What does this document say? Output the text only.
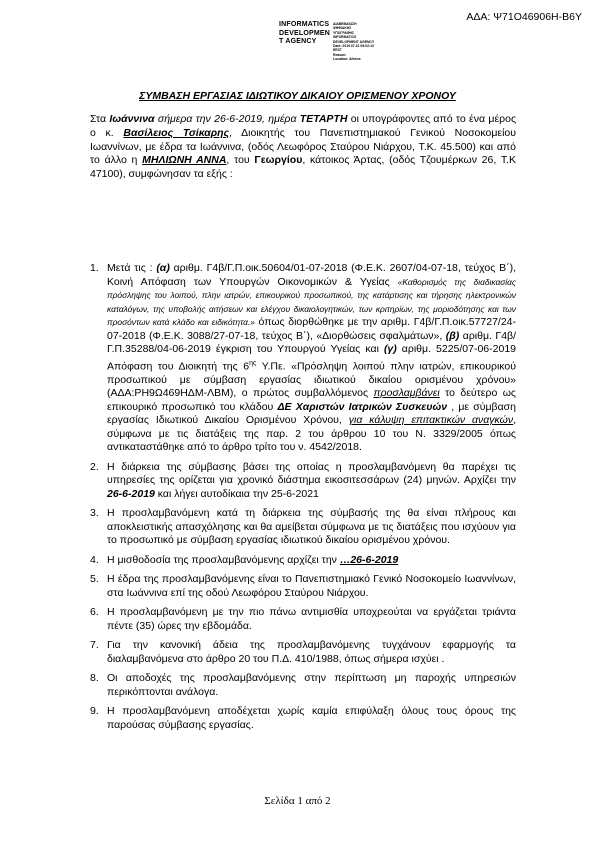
ΑΔΑ: Ψ71Ο46906Η-Β6Υ
INFORMATICS
DEVELOPMEN
T AGENCY
ΔΙΑΒΕΒΑΙΩΣΗ
ΨΗΦΙΑΚΗΣ
ΥΠΟΓΡΑΦΗΣ
INFORMATICS
DEVELOPMENT AGENCY
Date: 2019.07.22 09:02:13
EEST
Reason:
Location: Athens
ΣΥΜΒΑΣΗ ΕΡΓΑΣΙΑΣ ΙΔΙΩΤΙΚΟΥ ΔΙΚΑΙΟΥ ΟΡΙΣΜΕΝΟΥ ΧΡΟΝΟΥ
Στα Ιωάννινα σήμερα την 26-6-2019, ημέρα ΤΕΤΑΡΤΗ οι υπογράφοντες από το ένα μέρος ο κ. Βασίλειος Τσίκαρης, Διοικητής του Πανεπιστημιακού Γενικού Νοσοκομείου Ιωαννίνων, με έδρα τα Ιωάννινα, (οδός Λεωφόρος Σταύρου Νιάρχου, Τ.Κ. 45.500) και από το άλλο η ΜΗΛΙΩΝΗ ΑΝΝΑ, του Γεωργίου, κάτοικος Άρτας, (οδός Τζουμέρκων 26, Τ.Κ 47100), συμφώνησαν τα εξής :
1. Μετά τις : (α) αριθμ. Γ4β/Γ.Π.οικ.50604/01-07-2018 (Φ.Ε.Κ. 2607/04-07-18, τεύχος Β΄), Κοινή Απόφαση των Υπουργών Οικονομικών & Υγείας «Καθορισμός της διαδικασίας πρόσληψης του λοιπού, πλην ιατρών, επικουρικού προσωπικού, της κατάρτισης και τήρησης ηλεκτρονικών καταλόγων, της υποβολής αιτήσεων και ελέγχου δικαιολογητικών, των κριτηρίων, της μοριοδότησης και των προσόντων κατά κλάδο και ειδικότητα.» όπως διορθώθηκε με την αριθμ. Γ4β/Γ.Π.οικ.57727/24-07-2018 (Φ.Ε.Κ. 3088/27-07-18, τεύχος Β΄), «Διορθώσεις σφαλμάτων», (β) αριθμ. Γ4β/Γ.Π.35288/04-06-2019 έγκριση του Υπουργού Υγείας και (γ) αριθμ. 5225/07-06-2019 Απόφαση του Διοικητή της $6^{\eta\varsigma}$ Υ.Πε. «Πρόσληψη λοιπού πλην ιατρών, επικουρικού προσωπικού με σύμβαση εργασίας ιδιωτικού δικαίου ορισμένου χρόνου» (ΑΔΑ:ΡΗ9Ω469ΗΔΜ-ΛΒΜ), ο πρώτος συμβαλλόμενος προσλαμβάνει το δεύτερο ως επικουρικό προσωπικό του κλάδου ΔΕ Χαριστών Ιατρικών Συσκευών , με σύμβαση εργασίας Ιδιωτικού Δικαίου Ορισμένου Χρόνου, για κάλυψη επιτακτικών αναγκών, σύμφωνα με τις διατάξεις της παρ. 2 του άρθρου 10 του Ν. 3329/2005 όπως αντικαταστάθηκε από το άρθρο τρίτο του ν. 4542/2018.
2. Η διάρκεια της σύμβασης βάσει της οποίας η προσλαμβανόμενη θα παρέχει τις υπηρεσίες της ορίζεται για χρονικό διάστημα εικοσιτεσσάρων (24) μηνών. Αρχίζει την 26-6-2019 και λήγει αυτοδίκαια την 25-6-2021
3. Η προσλαμβανόμενη κατά τη διάρκεια της σύμβασής της θα είναι πλήρους και αποκλειστικής απασχόλησης και θα αμείβεται σύμφωνα με τις διατάξεις που ισχύουν για το προσωπικό με σύμβαση εργασίας ιδιωτικού δικαίου ορισμένου χρόνου.
4. Η μισθοδοσία της προσλαμβανόμενης αρχίζει την …26-6-2019
5. Η έδρα της προσλαμβανόμενης είναι το Πανεπιστημιακό Γενικό Νοσοκομείο Ιωαννίνων, στα Ιωάννινα επί της οδού Λεωφόρου Σταύρου Νιάρχου.
6. Η προσλαμβανόμενη με την πιο πάνω αντιμισθία υποχρεούται να εργάζεται τριάντα πέντε (35) ώρες την εβδομάδα.
7. Για την κανονική άδεια της προσλαμβανόμενης τυγχάνουν εφαρμογής τα διαλαμβανόμενα στο άρθρο 20 του Π.Δ. 410/1988, όπως σήμερα ισχύει .
8. Οι αποδοχές της προσλαμβανόμενης στην περίπτωση μη παροχής υπηρεσιών περικόπτονται ανάλογα.
9. Η προσλαμβανόμενη αποδέχεται χωρίς καμία επιφύλαξη όλους τους όρους της παρούσας σύμβασης εργασίας.
Σελίδα 1 από 2
